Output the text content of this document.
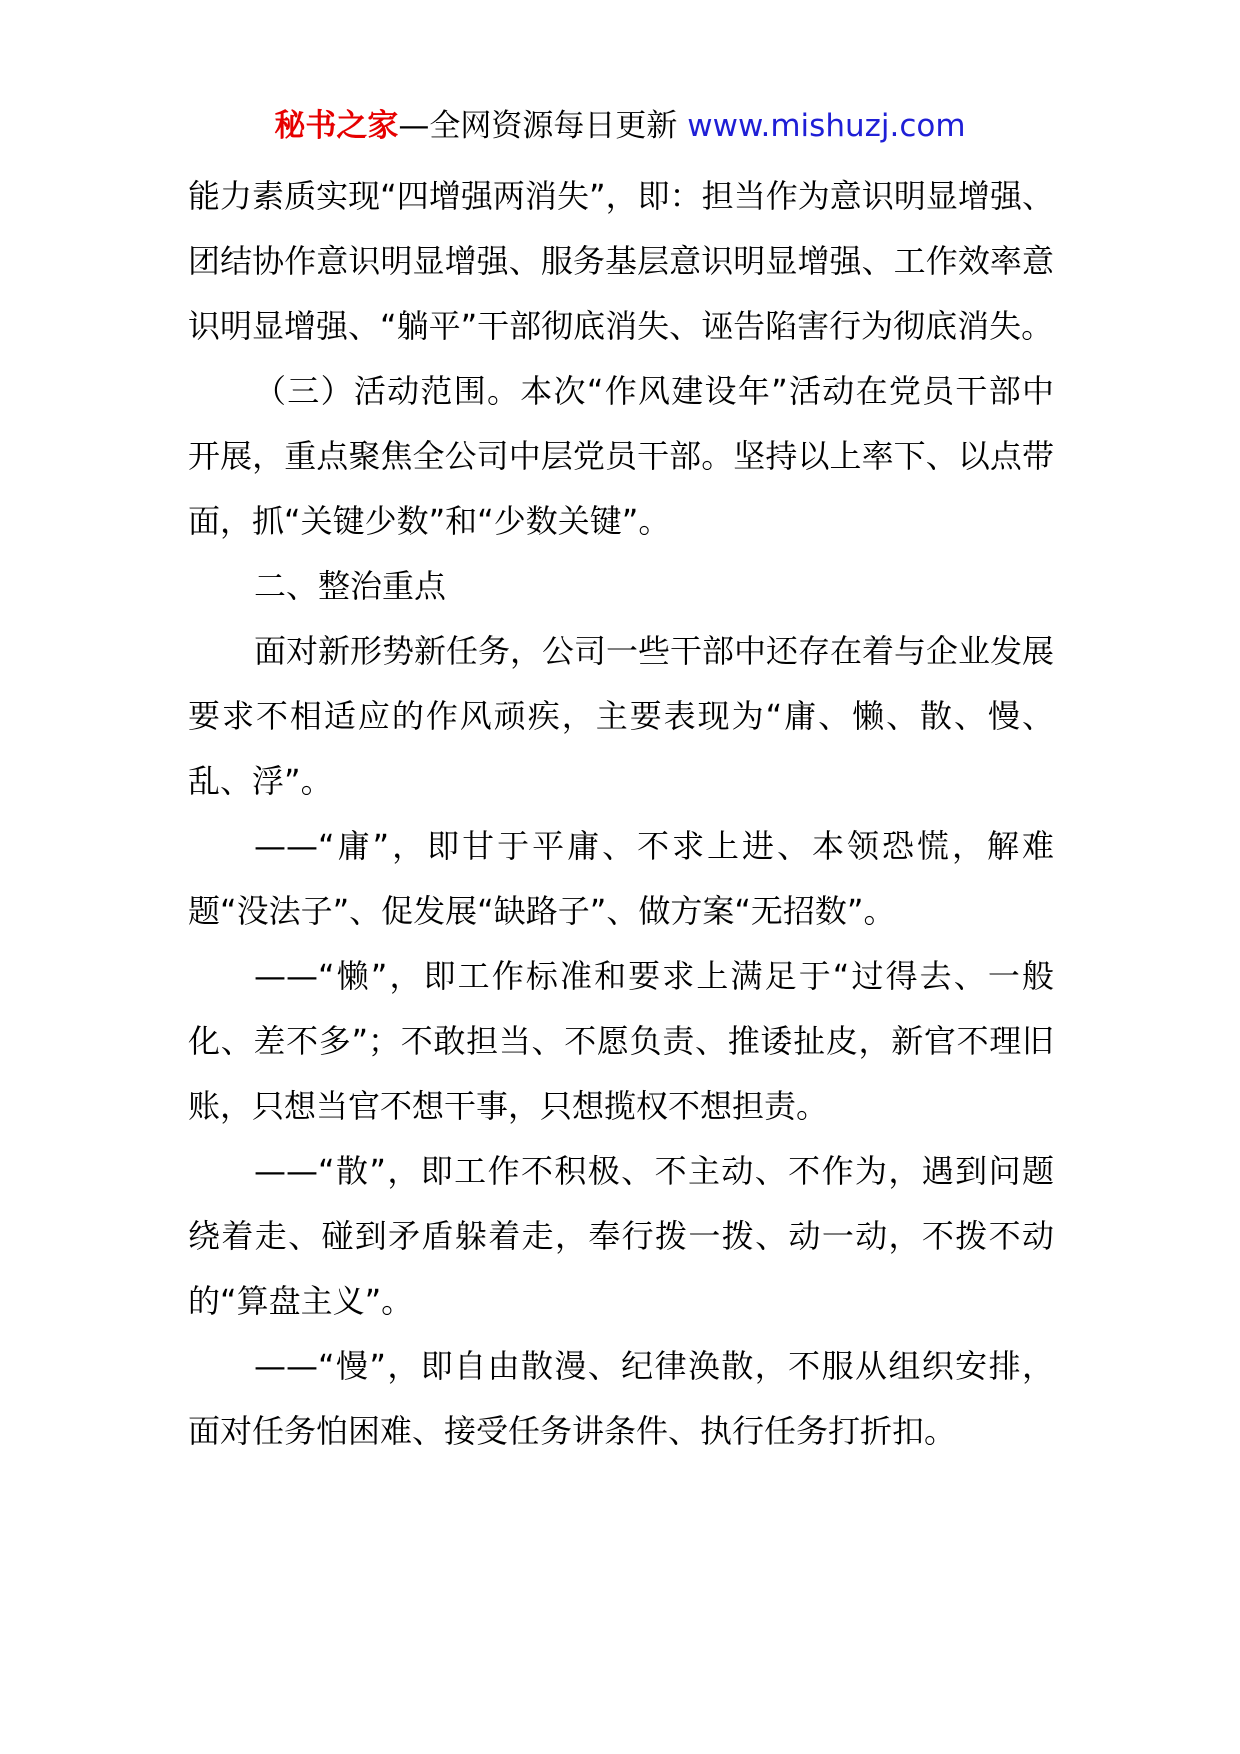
秘书之家—全网资源每日更新 www.mishuzj.com

能力素质实现“四增强两消失”，即：担当作为意识明显增强、团结协作意识明显增强、服务基层意识明显增强、工作效率意识明显增强、“躺平”干部彻底消失、诬告陷害行为彻底消失。

（三）活动范围。本次“作风建设年”活动在党员干部中开展，重点聚焦全公司中层党员干部。坚持以上率下、以点带面，抓“关键少数”和“少数关键”。

二、整治重点

面对新形势新任务，公司一些干部中还存在着与企业发展要求不相适应的作风顽疾，主要表现为“庸、懒、散、慢、乱、浮”。

——“庸”，即甘于平庸、不求上进、本领恐慌，解难题“没法子”、促发展“缺路子”、做方案“无招数”。

——“懒”，即工作标准和要求上满足于“过得去、一般化、差不多”；不敢担当、不愿负责、推诿扯皮，新官不理旧账，只想当官不想干事，只想揽权不想担责。

——“散”，即工作不积极、不主动、不作为，遇到问题绕着走、碰到矛盾躲着走，奉行拨一拨、动一动，不拨不动的“算盘主义”。

——“慢”，即自由散漫、纪律涣散，不服从组织安排，面对任务怕困难、接受任务讲条件、执行任务打折扣。
